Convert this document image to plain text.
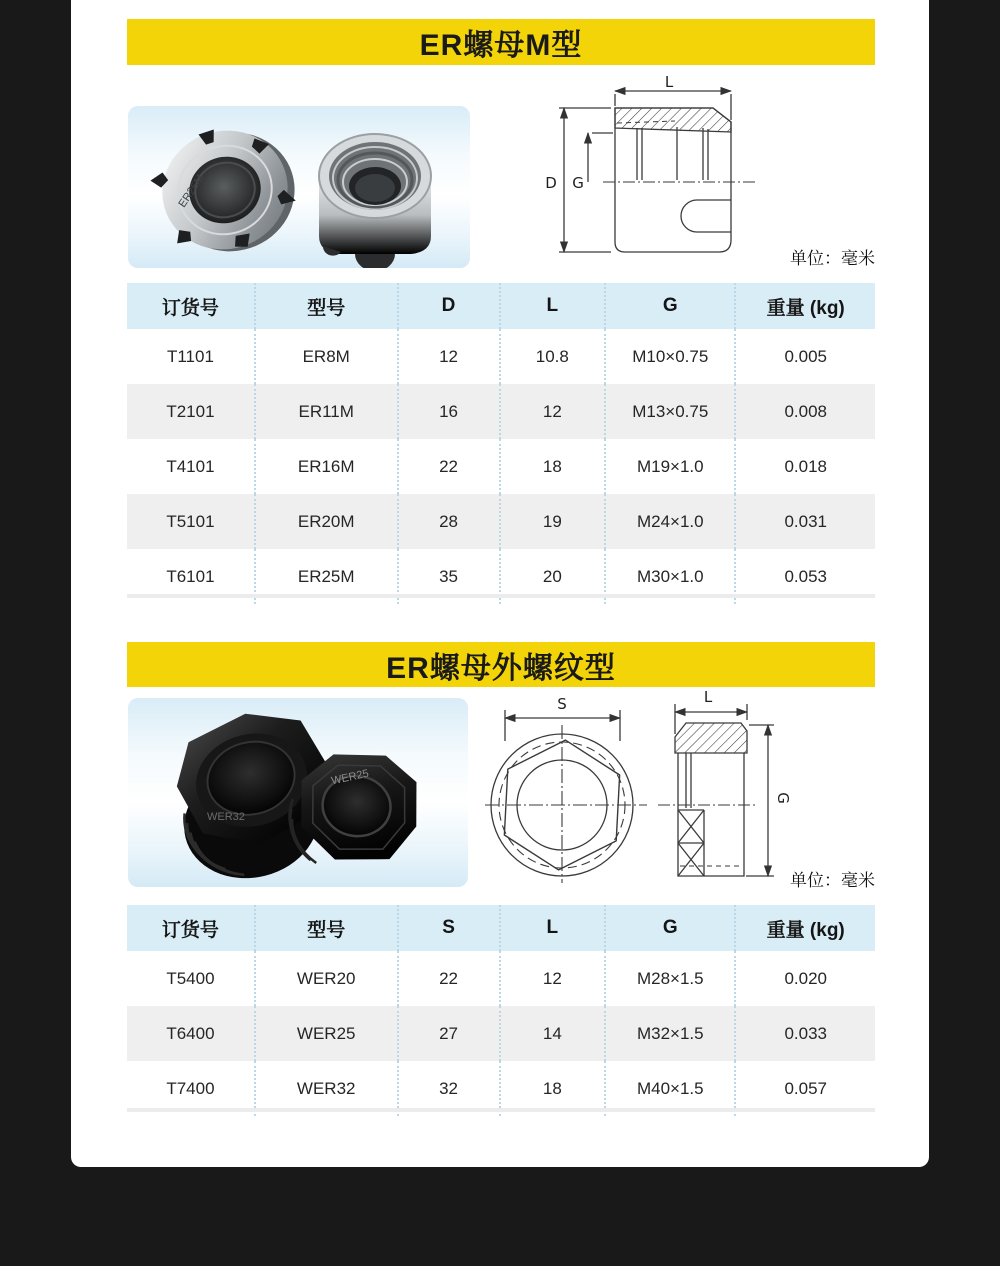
ER螺母M型
ER25M
L
D G
单位：毫米
订货号	型号	D	L	G	重量 (kg)
T1101	ER8M	12	10.8	M10×0.75	0.005
T2101	ER11M	16	12	M13×0.75	0.008
T4101	ER16M	22	18	M19×1.0	0.018
T5101	ER20M	28	19	M24×1.0	0.031
T6101	ER25M	35	20	M30×1.0	0.053
ER螺母外螺纹型
WER32
WER25
S	L
G
单位：毫米
订货号	型号	S	L	G	重量 (kg)
T5400	WER20	22	12	M28×1.5	0.020
T6400	WER25	27	14	M32×1.5	0.033
T7400	WER32	32	18	M40×1.5	0.057
